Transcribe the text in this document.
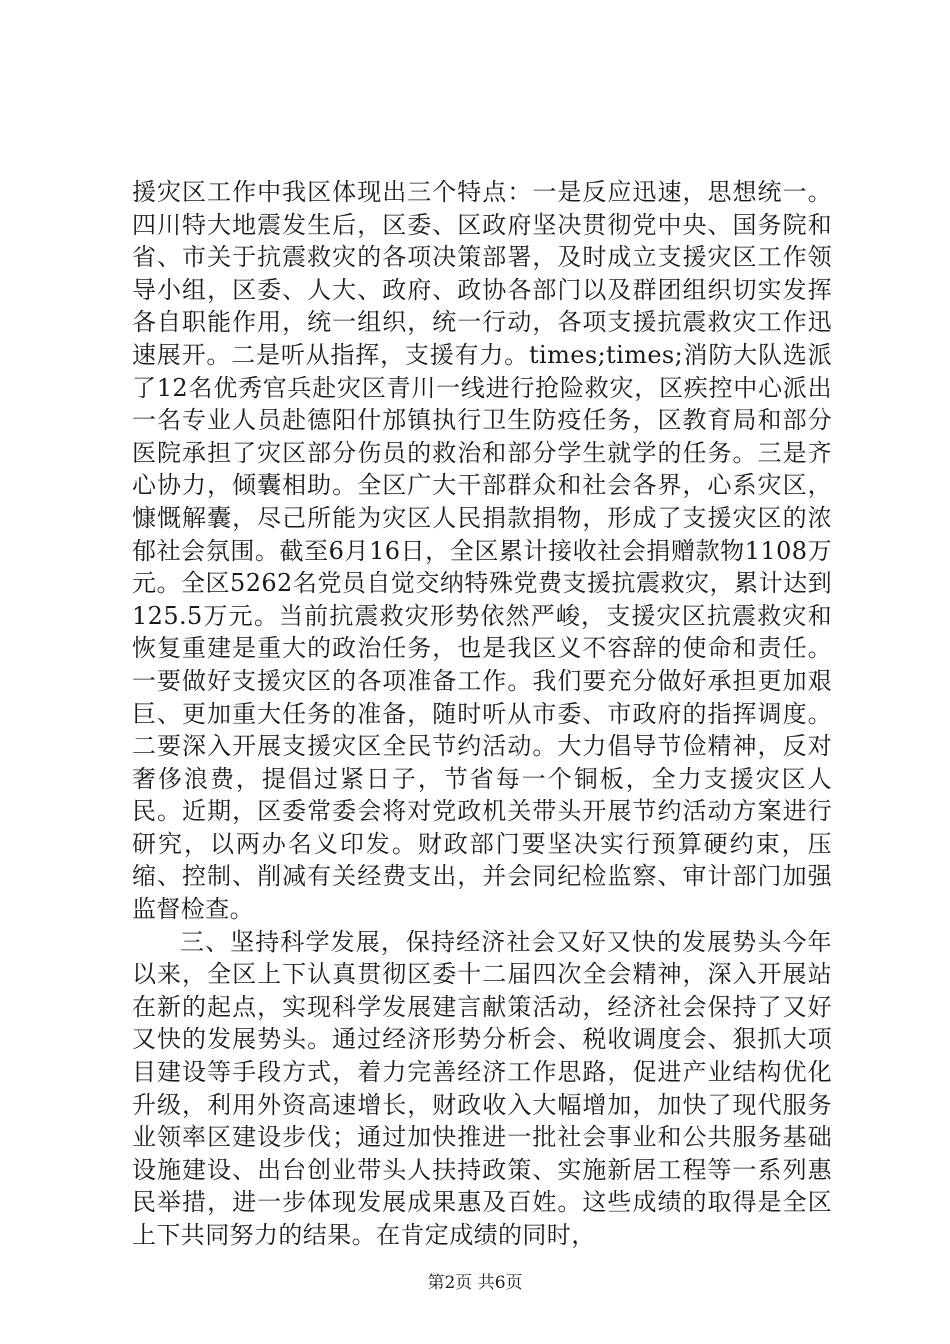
援灾区工作中我区体现出三个特点：一是反应迅速，思想统一。四川特大地震发生后，区委、区政府坚决贯彻党中央、国务院和省、市关于抗震救灾的各项决策部署，及时成立支援灾区工作领导小组，区委、人大、政府、政协各部门以及群团组织切实发挥各自职能作用，统一组织，统一行动，各项支援抗震救灾工作迅速展开。二是听从指挥，支援有力。times;times;消防大队选派了12名优秀官兵赴灾区青川一线进行抢险救灾，区疾控中心派出一名专业人员赴德阳什邡镇执行卫生防疫任务，区教育局和部分医院承担了灾区部分伤员的救治和部分学生就学的任务。三是齐心协力，倾囊相助。全区广大干部群众和社会各界，心系灾区，慷慨解囊，尽己所能为灾区人民捐款捐物，形成了支援灾区的浓郁社会氛围。截至6月16日，全区累计接收社会捐赠款物1108万元。全区5262名党员自觉交纳特殊党费支援抗震救灾，累计达到125.5万元。当前抗震救灾形势依然严峻，支援灾区抗震救灾和恢复重建是重大的政治任务，也是我区义不容辞的使命和责任。一要做好支援灾区的各项准备工作。我们要充分做好承担更加艰巨、更加重大任务的准备，随时听从市委、市政府的指挥调度。二要深入开展支援灾区全民节约活动。大力倡导节俭精神，反对奢侈浪费，提倡过紧日子，节省每一个铜板，全力支援灾区人民。近期，区委常委会将对党政机关带头开展节约活动方案进行研究，以两办名义印发。财政部门要坚决实行预算硬约束，压缩、控制、削减有关经费支出，并会同纪检监察、审计部门加强监督检查。

三、坚持科学发展，保持经济社会又好又快的发展势头今年以来，全区上下认真贯彻区委十二届四次全会精神，深入开展站在新的起点，实现科学发展建言献策活动，经济社会保持了又好又快的发展势头。通过经济形势分析会、税收调度会、狠抓大项目建设等手段方式，着力完善经济工作思路，促进产业结构优化升级，利用外资高速增长，财政收入大幅增加，加快了现代服务业领率区建设步伐；通过加快推进一批社会事业和公共服务基础设施建设、出台创业带头人扶持政策、实施新居工程等一系列惠民举措，进一步体现发展成果惠及百姓。这些成绩的取得是全区上下共同努力的结果。在肯定成绩的同时，

第2页 共6页
